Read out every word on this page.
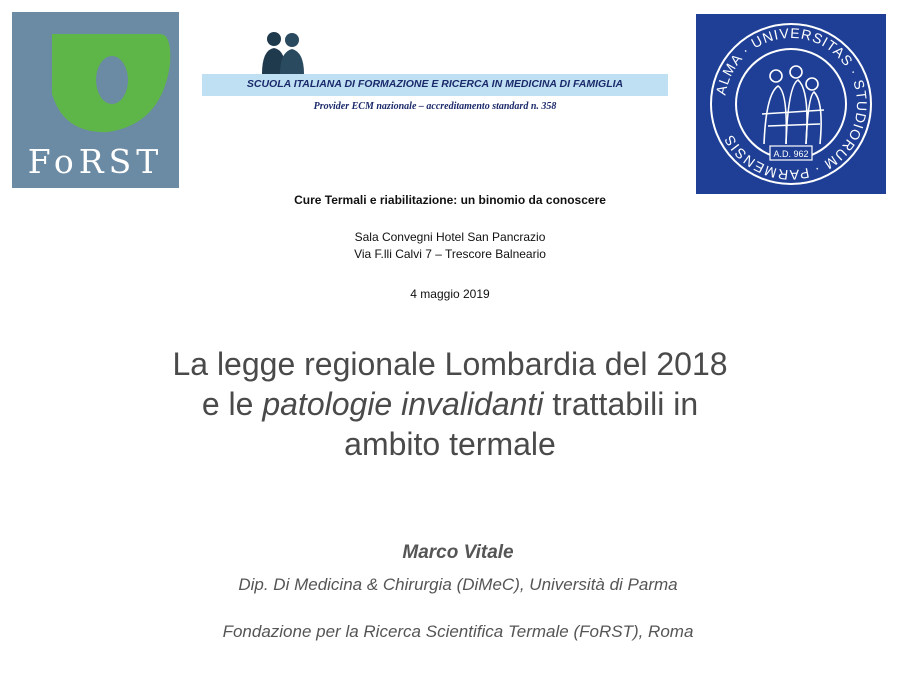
FoRST
SCUOLA ITALIANA DI FORMAZIONE E RICERCA IN MEDICINA DI FAMIGLIA
Provider ECM nazionale – accreditamento standard n. 358
ALMA · UNIVERSITAS · STUDIORUM · PARMENSIS
A.D. 962
Cure Termali e riabilitazione: un binomio da conoscere
Sala Convegni Hotel San Pancrazio
Via F.lli Calvi 7 – Trescore Balneario
4 maggio 2019
La legge regionale Lombardia del 2018
e le patologie invalidanti trattabili in
ambito termale
Marco Vitale
Dip. Di Medicina & Chirurgia (DiMeC), Università di Parma
Fondazione per la Ricerca Scientifica Termale (FoRST), Roma
